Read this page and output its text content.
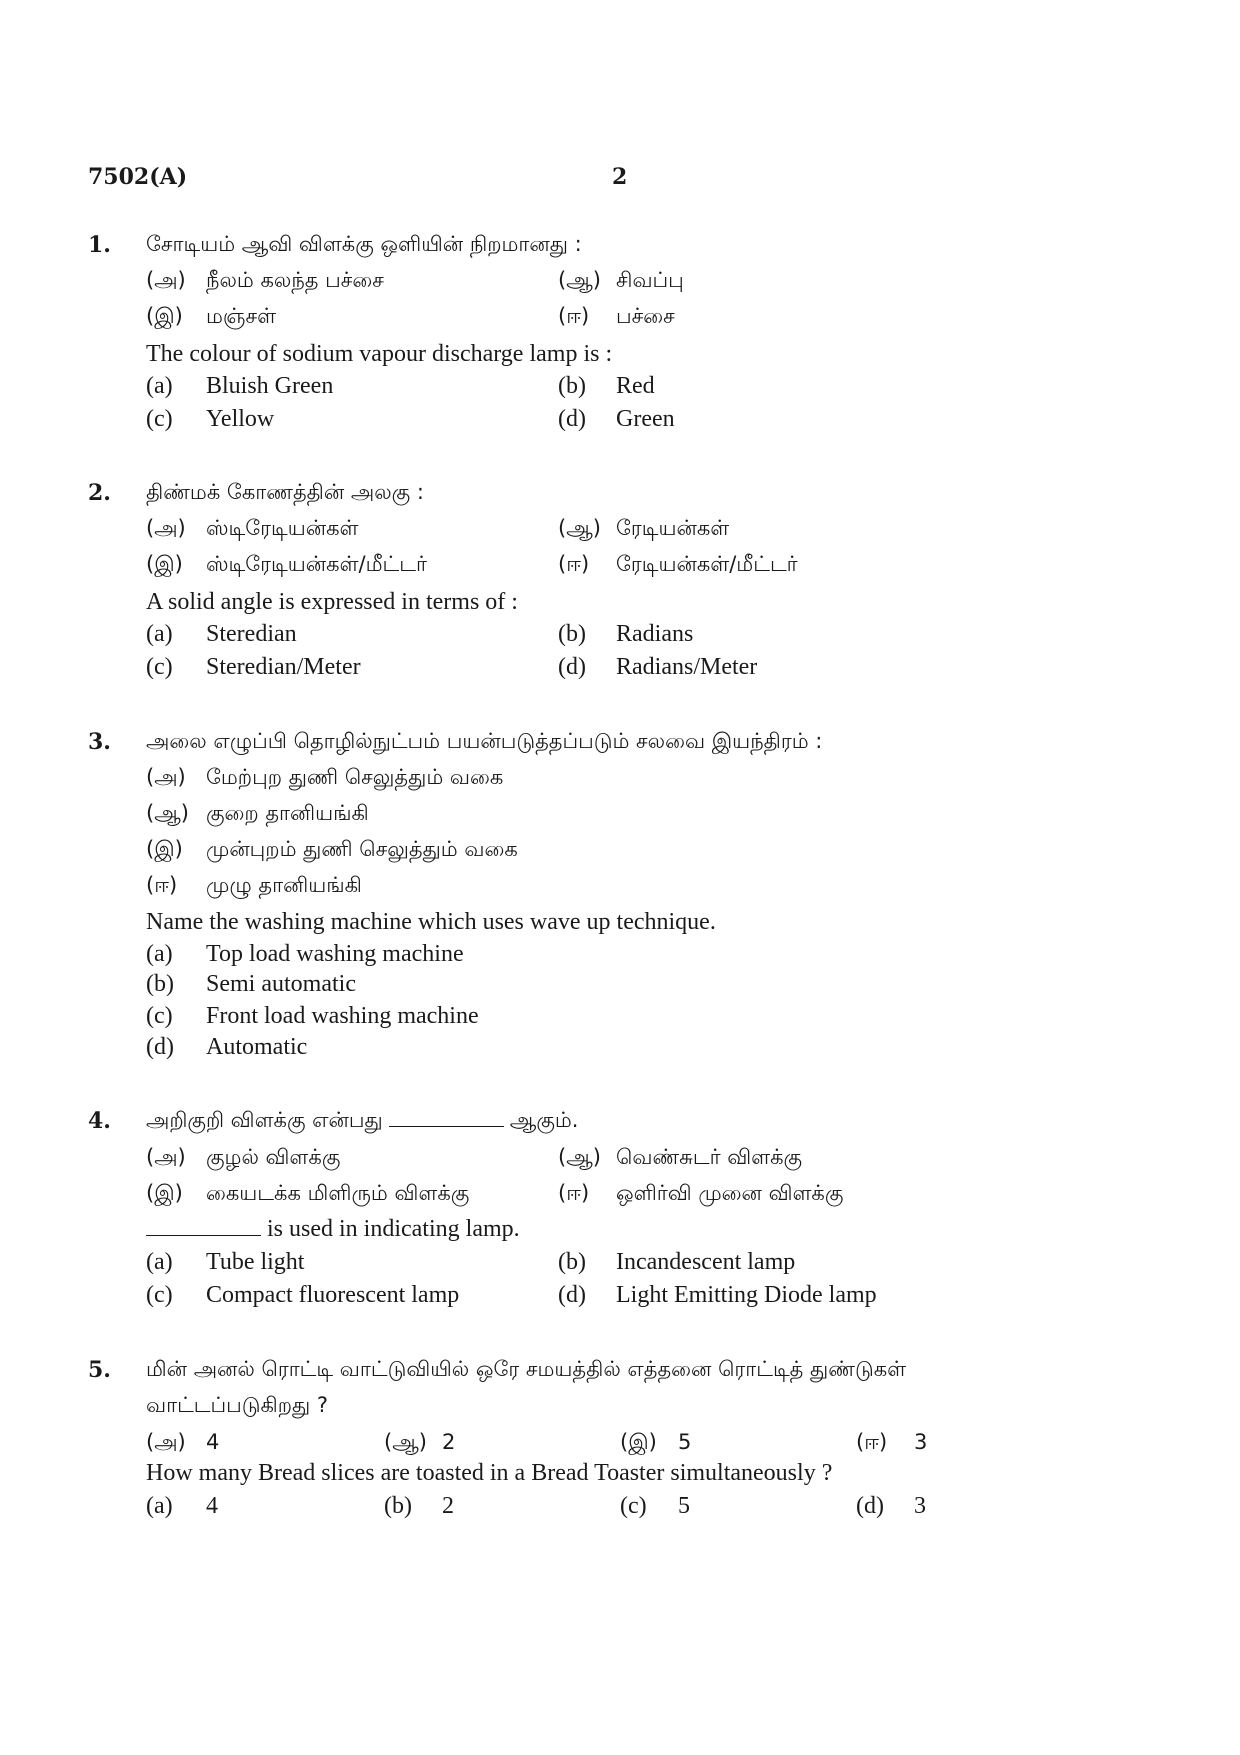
7502(A)	2
1. சோடியம் ஆவி விளக்கு ஒளியின் நிறமானது :
(அ) நீலம் கலந்த பச்சை	(ஆ) சிவப்பு
(இ) மஞ்சள்	(ஈ) பச்சை
The colour of sodium vapour discharge lamp is :
(a) Bluish Green	(b) Red
(c) Yellow	(d) Green
2. திண்மக் கோணத்தின் அலகு :
(அ) ஸ்டிரேடியன்கள்	(ஆ) ரேடியன்கள்
(இ) ஸ்டிரேடியன்கள்/மீட்டர்	(ஈ) ரேடியன்கள்/மீட்டர்
A solid angle is expressed in terms of :
(a) Steredian	(b) Radians
(c) Steredian/Meter	(d) Radians/Meter
3. அலை எழுப்பி தொழில்நுட்பம் பயன்படுத்தப்படும் சலவை இயந்திரம் :
(அ) மேற்புற துணி செலுத்தும் வகை
(ஆ) குறை தானியங்கி
(இ) முன்புறம் துணி செலுத்தும் வகை
(ஈ) முழு தானியங்கி
Name the washing machine which uses wave up technique.
(a) Top load washing machine
(b) Semi automatic
(c) Front load washing machine
(d) Automatic
4. அறிகுறி விளக்கு என்பது	ஆகும்.
(அ) குழல் விளக்கு	(ஆ) வெண்சுடர் விளக்கு
(இ) கையடக்க மிளிரும் விளக்கு	(ஈ) ஒளிர்வி முனை விளக்கு
is used in indicating lamp.
(a) Tube light	(b) Incandescent lamp
(c) Compact fluorescent lamp	(d) Light Emitting Diode lamp
5. மின் அனல் ரொட்டி வாட்டுவியில் ஒரே சமயத்தில் எத்தனை ரொட்டித் துண்டுகள்
வாட்டப்படுகிறது ?
(அ) 4	(ஆ) 2	(இ) 5	(ஈ) 3
How many Bread slices are toasted in a Bread Toaster simultaneously ?
(a) 4	(b) 2	(c) 5	(d) 3
